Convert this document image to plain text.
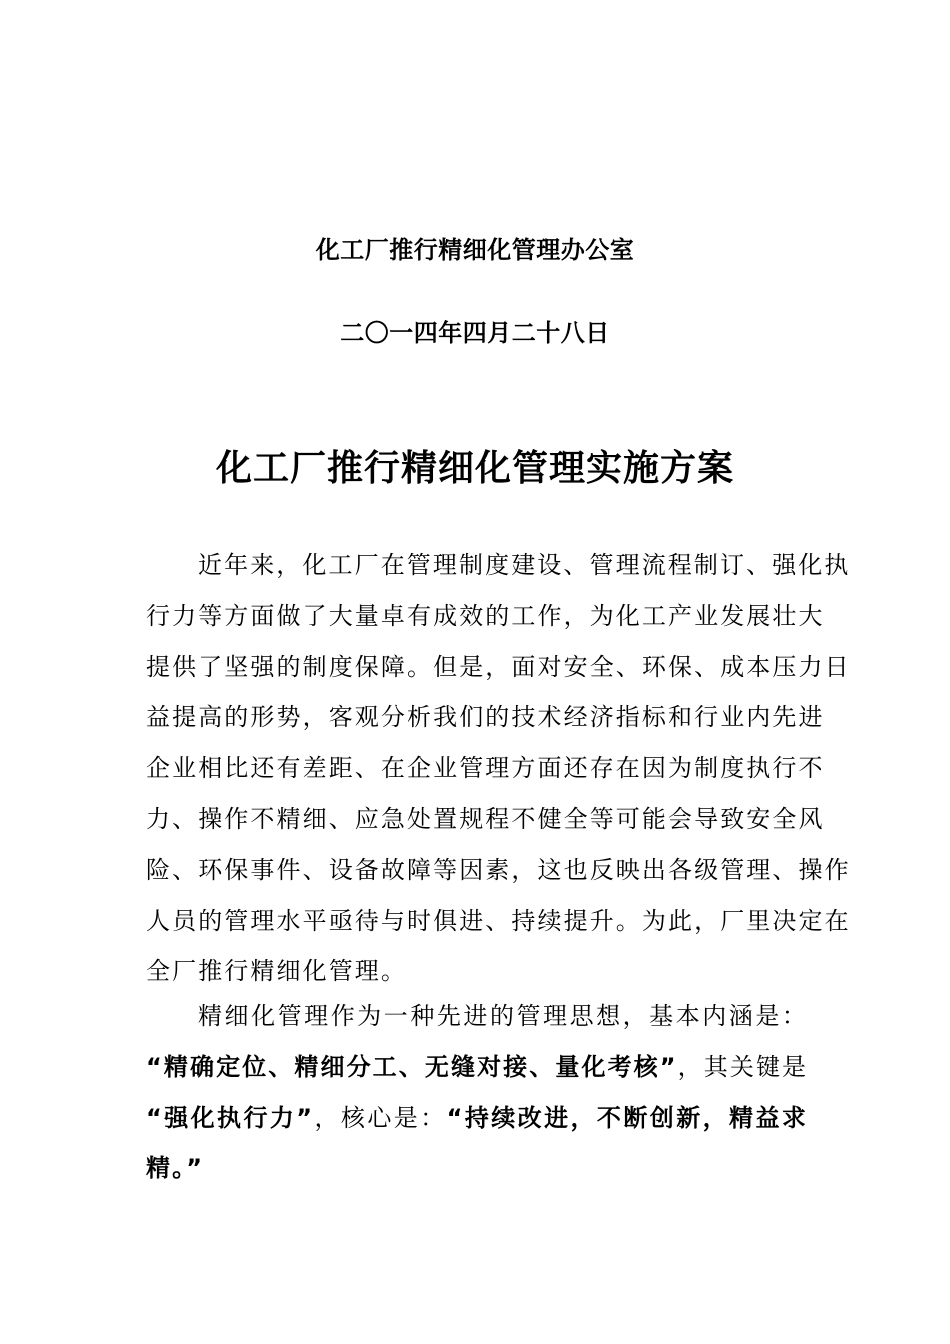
化工厂推行精细化管理办公室
二〇一四年四月二十八日
化工厂推行精细化管理实施方案
近年来，化工厂在管理制度建设、管理流程制订、强化执
行力等方面做了大量卓有成效的工作，为化工产业发展壮大
提供了坚强的制度保障。但是，面对安全、环保、成本压力日
益提高的形势，客观分析我们的技术经济指标和行业内先进
企业相比还有差距、在企业管理方面还存在因为制度执行不
力、操作不精细、应急处置规程不健全等可能会导致安全风
险、环保事件、设备故障等因素，这也反映出各级管理、操作
人员的管理水平亟待与时俱进、持续提升。为此，厂里决定在
全厂推行精细化管理。
精细化管理作为一种先进的管理思想，基本内涵是：
“精确定位、精细分工、无缝对接、量化考核”，其关键是
“强化执行力”，核心是：“持续改进，不断创新，精益求
精。”
